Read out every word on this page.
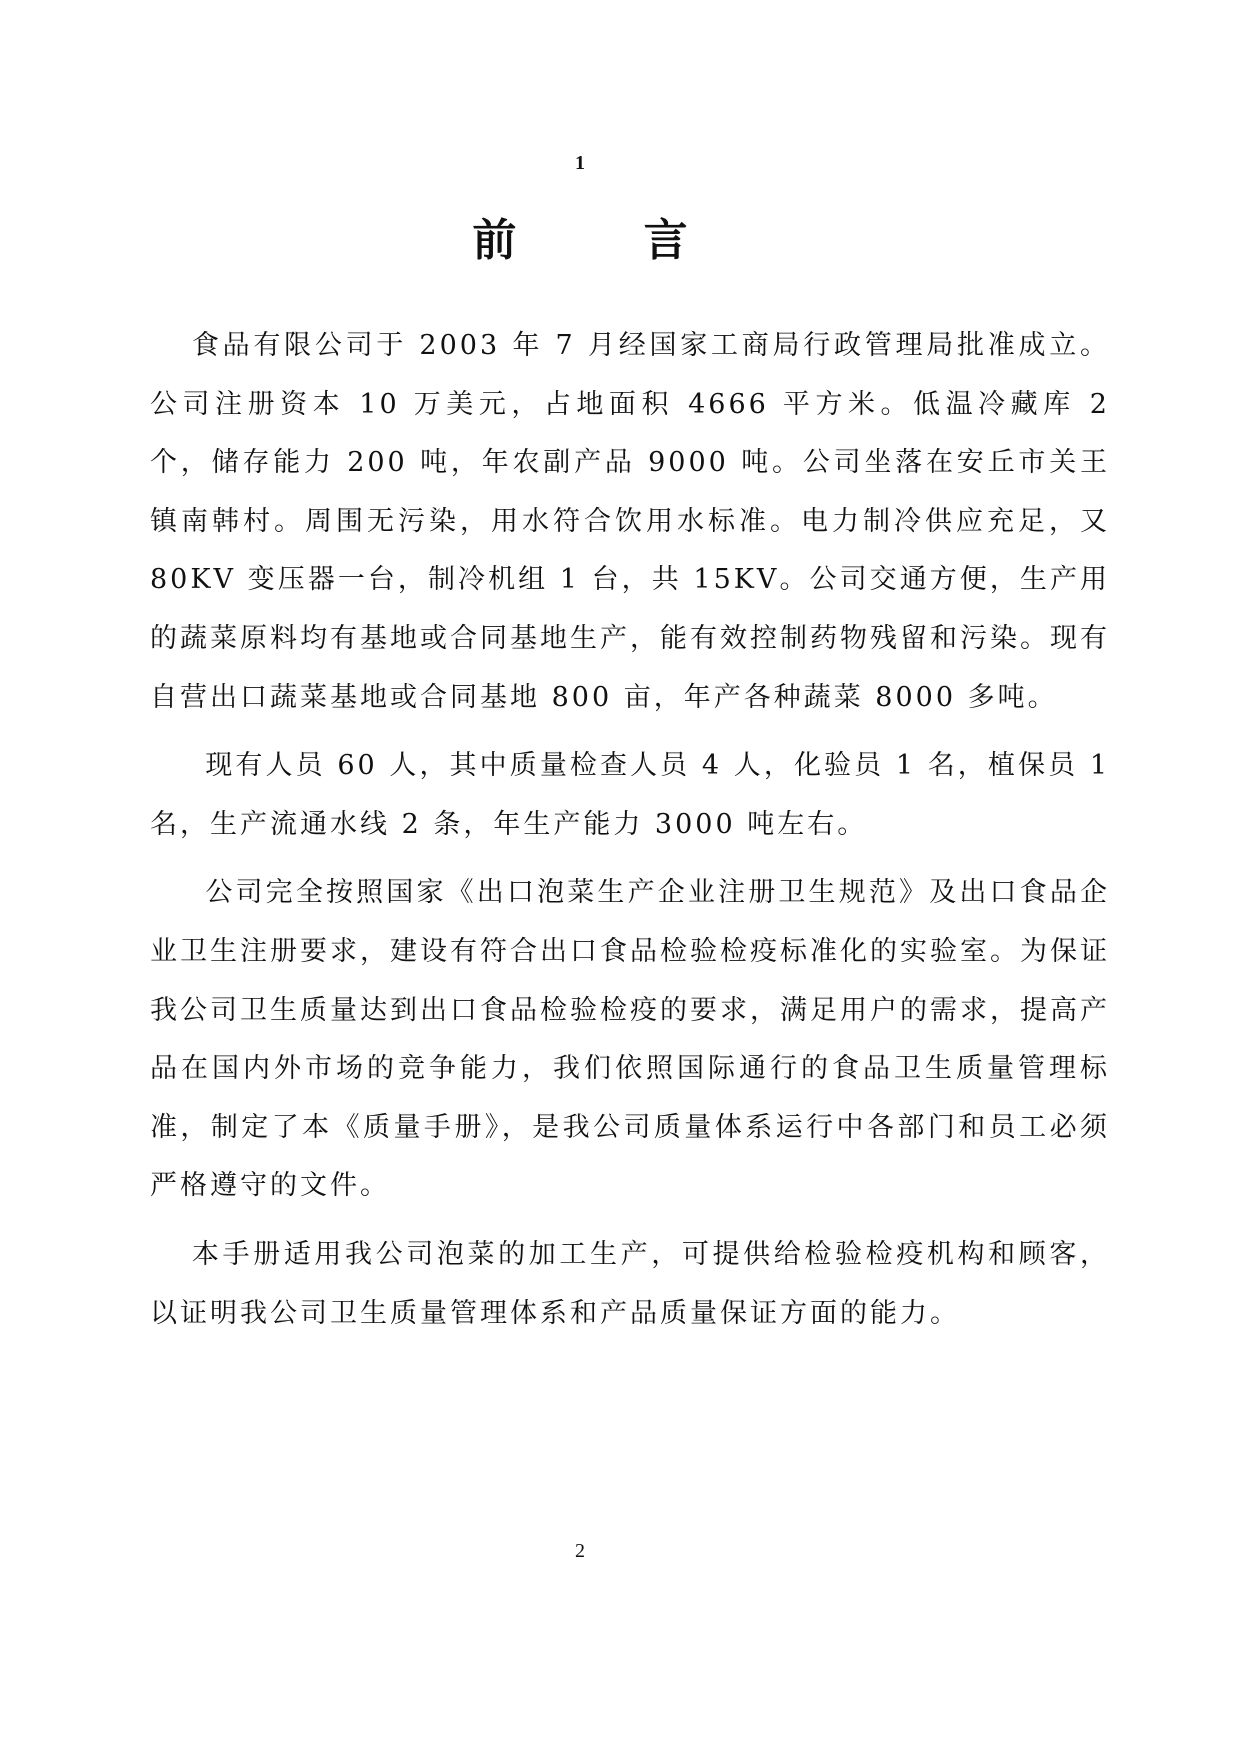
1
前 言

食品有限公司于 2003 年 7 月经国家工商局行政管理局批准成立。公司注册资本 10 万美元，占地面积 4666 平方米。低温冷藏库 2 个，储存能力 200 吨，年农副产品 9000 吨。公司坐落在安丘市关王镇南韩村。周围无污染，用水符合饮用水标准。电力制冷供应充足，又 80KV 变压器一台，制冷机组 1 台，共 15KV。公司交通方便，生产用的蔬菜原料均有基地或合同基地生产，能有效控制药物残留和污染。现有自营出口蔬菜基地或合同基地 800 亩，年产各种蔬菜 8000 多吨。

现有人员 60 人，其中质量检查人员 4 人，化验员 1 名，植保员 1 名，生产流通水线 2 条，年生产能力 3000 吨左右。

公司完全按照国家《出口泡菜生产企业注册卫生规范》及出口食品企业卫生注册要求，建设有符合出口食品检验检疫标准化的实验室。为保证我公司卫生质量达到出口食品检验检疫的要求，满足用户的需求，提高产品在国内外市场的竞争能力，我们依照国际通行的食品卫生质量管理标准，制定了本《质量手册》，是我公司质量体系运行中各部门和员工必须严格遵守的文件。

本手册适用我公司泡菜的加工生产，可提供给检验检疫机构和顾客，以证明我公司卫生质量管理体系和产品质量保证方面的能力。

2
